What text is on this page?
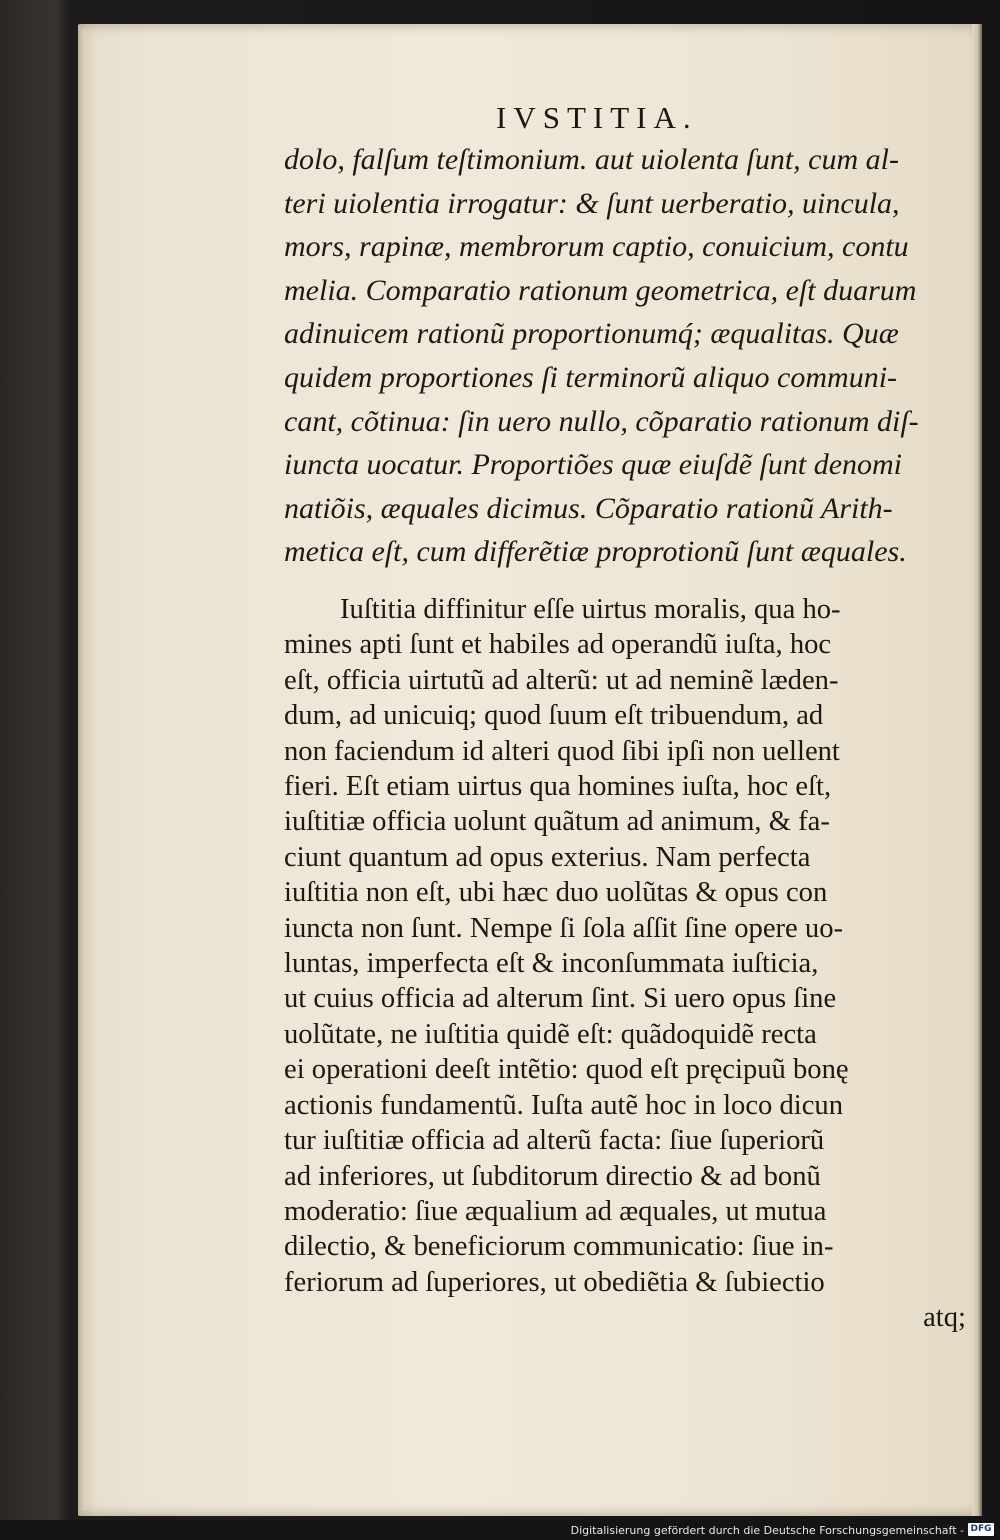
IVSTITIA.
dolo, falſum teſtimonium. aut uiolenta ſunt, cum al-
teri uiolentia irrogatur: & ſunt uerberatio, uincula,
mors, rapinæ, membrorum captio, conuicium, contu
melia. Comparatio rationum geometrica, eſt duarum
adinuicem rationũ proportionumq́; æqualitas. Quæ
quidem proportiones ſi terminorũ aliquo communi-
cant, cõtinua: ſin uero nullo, cõparatio rationum diſ-
iuncta uocatur. Proportiões quæ eiuſdẽ ſunt denomi
natiõis, æquales dicimus. Cõparatio rationũ Arith-
metica eſt, cum differẽtiæ proprotionũ ſunt æquales.
Iuſtitia diffinitur eſſe uirtus moralis, qua ho-
mines apti ſunt et habiles ad operandũ iuſta, hoc
eſt, officia uirtutũ ad alterũ: ut ad neminẽ læden-
dum, ad unicuiq; quod ſuum eſt tribuendum, ad
non faciendum id alteri quod ſibi ipſi non uellent
fieri. Eſt etiam uirtus qua homines iuſta, hoc eſt,
iuſtitiæ officia uolunt quãtum ad animum, & fa-
ciunt quantum ad opus exterius. Nam perfecta
iuſtitia non eſt, ubi hæc duo uolũtas & opus con
iuncta non ſunt. Nempe ſi ſola aſſit ſine opere uo-
luntas, imperfecta eſt & inconſummata iuſticia,
ut cuius officia ad alterum ſint. Si uero opus ſine
uolũtate, ne iuſtitia quidẽ eſt: quãdoquidẽ recta
ei operationi deeſt intẽtio: quod eſt pręcipuũ bonę
actionis fundamentũ. Iuſta autẽ hoc in loco dicun
tur iuſtitiæ officia ad alterũ facta: ſiue ſuperiorũ
ad inferiores, ut ſubditorum directio & ad bonũ
moderatio: ſiue æqualium ad æquales, ut mutua
dilectio, & beneficiorum communicatio: ſiue in-
feriorum ad ſuperiores, ut obediẽtia & ſubiectio
atq;
Digitalisierung gefördert durch die Deutsche Forschungsgemeinschaft - DFG
